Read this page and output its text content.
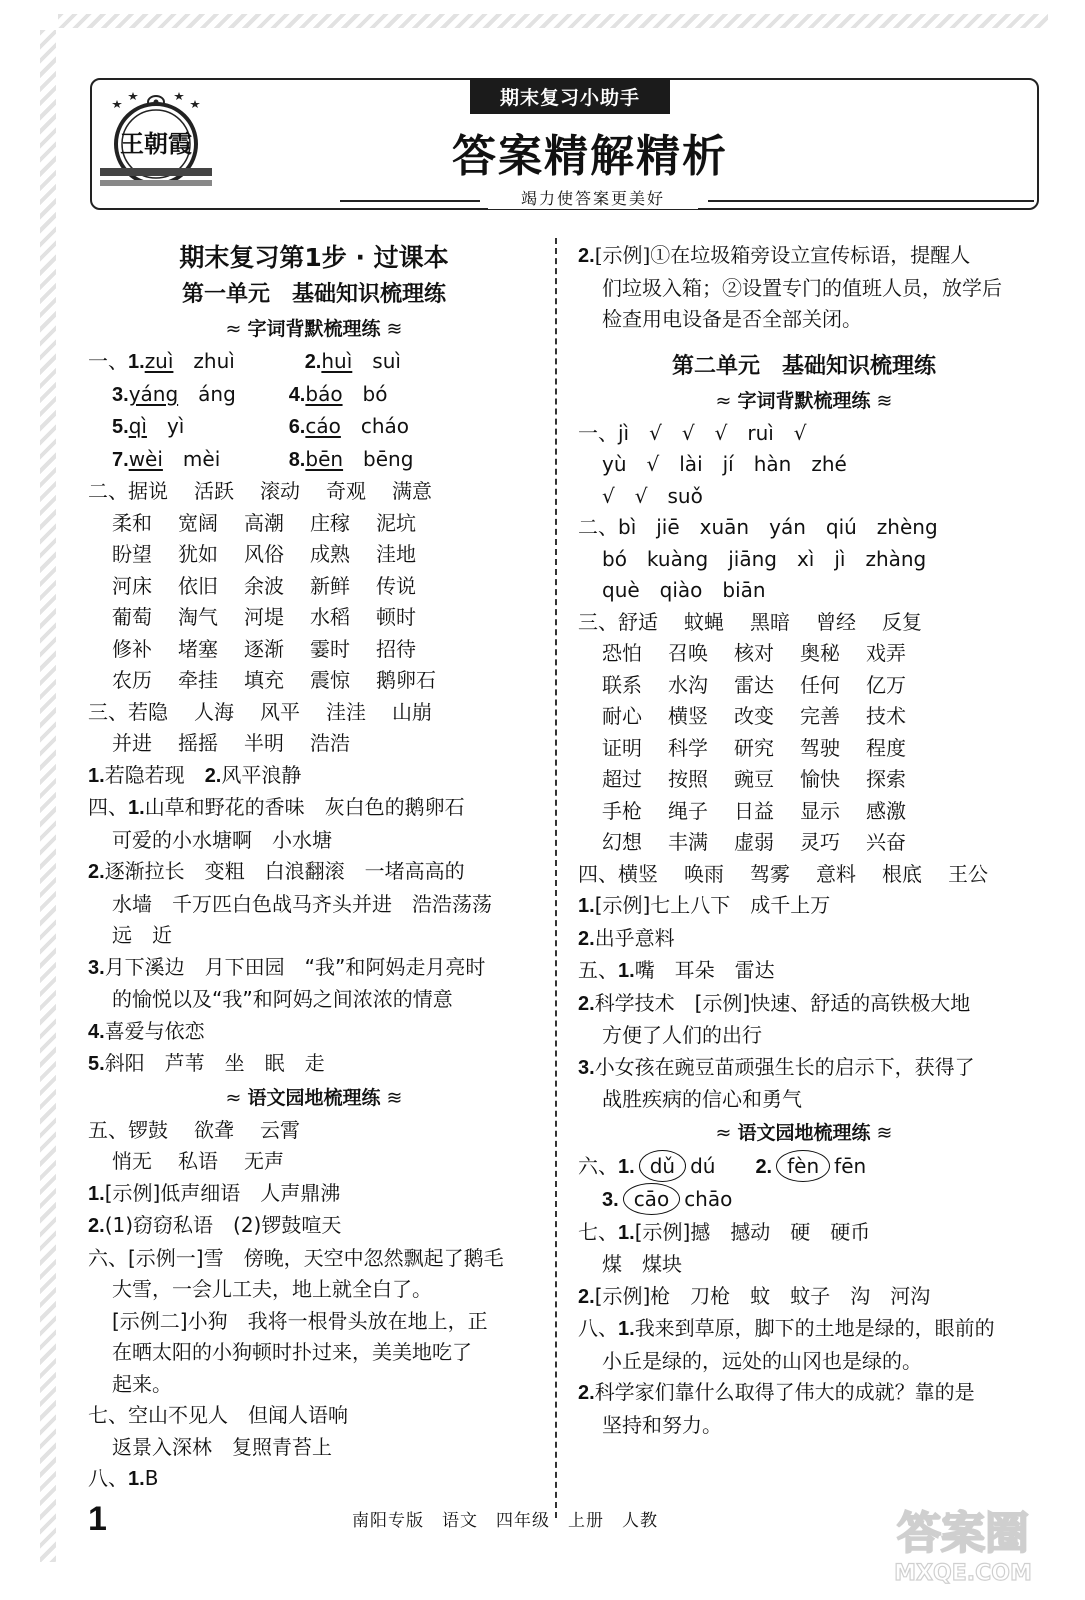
王朝霞
期末复习小助手
答案精解精析
竭力使答案更美好
期末复习第1步 · 过课本
第一单元　基础知识梳理练
≈ 字词背默梳理练 ≋
一、1.zuì　zhuì	2.huì　suì
3.yáng　áng	4.báo　bó
5.qì　yì	6.cáo　cháo
7.wèi　mèi	8.bēn　bēng
二、据说 活跃 滚动 奇观 满意
柔和 宽阔 高潮 庄稼 泥坑
盼望 犹如 风俗 成熟 洼地
河床 依旧 余波 新鲜 传说
葡萄 淘气 河堤 水稻 顿时
修补 堵塞 逐渐 霎时 招待
农历 牵挂 填充 震惊 鹅卵石
三、若隐 人海 风平 洼洼 山崩
并进 摇摇 半明 浩浩
1.若隐若现　2.风平浪静
四、1.山草和野花的香味　灰白色的鹅卵石
可爱的小水塘啊　小水塘
2.逐渐拉长　变粗　白浪翻滚　一堵高高的
水墙　千万匹白色战马齐头并进　浩浩荡荡
远　近
3.月下溪边　月下田园　“我”和阿妈走月亮时
的愉悦以及“我”和阿妈之间浓浓的情意
4.喜爱与依恋
5.斜阳　芦苇　坐　眠　走
≈ 语文园地梳理练 ≋
五、锣鼓 欲聋 云霄
悄无 私语 无声
1.[示例]低声细语　人声鼎沸
2.(1)窃窃私语　(2)锣鼓喧天
六、[示例一]雪　傍晚，天空中忽然飘起了鹅毛
大雪，一会儿工夫，地上就全白了。
[示例二]小狗　我将一根骨头放在地上，正
在晒太阳的小狗顿时扑过来，美美地吃了
起来。
七、空山不见人　但闻人语响
返景入深林　复照青苔上
八、1.B
2.[示例]①在垃圾箱旁设立宣传标语，提醒人
们垃圾入箱；②设置专门的值班人员，放学后
检查用电设备是否全部关闭。
第二单元　基础知识梳理练
≈ 字词背默梳理练 ≋
一、jì　√　√　√　ruì　√
yù　√　lài　jí　hàn　zhé
√　√　suǒ
二、bì　jiē　xuān　yán　qiú　zhèng
bó　kuàng　jiāng　xì　jì　zhàng
què　qiào　biān
三、舒适 蚊蝇 黑暗 曾经 反复
恐怕 召唤 核对 奥秘 戏弄
联系 水沟 雷达 任何 亿万
耐心 横竖 改变 完善 技术
证明 科学 研究 驾驶 程度
超过 按照 豌豆 愉快 探索
手枪 绳子 日益 显示 感激
幻想 丰满 虚弱 灵巧 兴奋
四、横竖 唤雨 驾雾 意料 根底 王公
1.[示例]七上八下　成千上万
2.出乎意料
五、1.嘴　耳朵　雷达
2.科学技术　[示例]快速、舒适的高铁极大地
方便了人们的出行
3.小女孩在豌豆苗顽强生长的启示下，获得了
战胜疾病的信心和勇气
≈ 语文园地梳理练 ≋
六、1. dǔ dú　　2. fèn fēn　　
3. cāo chāo　　
七、1.[示例]撼　撼动　硬　硬币
煤　煤块
2.[示例]枪　刀枪　蚊　蚊子　沟　河沟
八、1.我来到草原，脚下的土地是绿的，眼前的
小丘是绿的，远处的山冈也是绿的。
2.科学家们靠什么取得了伟大的成就？靠的是
坚持和努力。
1	南阳专版　语文　四年级　上册　人教	答案圈
MXQE.COM
